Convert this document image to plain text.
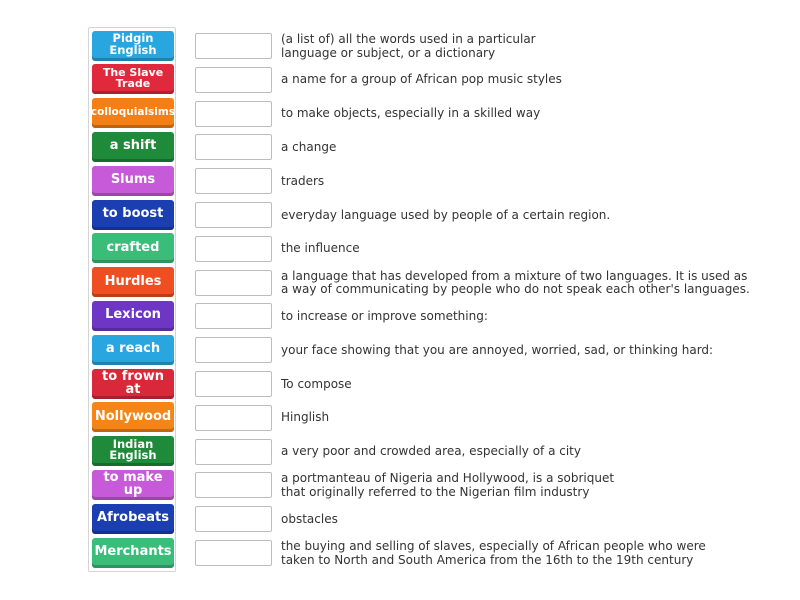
Pidgin English
The Slave Trade
colloquialsims
a shift
Slums
to boost
crafted
Hurdles
Lexicon
a reach
to frown at
Nollywood
Indian English
to make up
Afrobeats
Merchants
(a list of) all the words used in a particular
language or subject, or a dictionary
a name for a group of African pop music styles
to make objects, especially in a skilled way
a change
traders
everyday language used by people of a certain region.
the influence
a language that has developed from a mixture of two languages. It is used as
a way of communicating by people who do not speak each other's languages.
to increase or improve something:
your face showing that you are annoyed, worried, sad, or thinking hard:
To compose
Hinglish
a very poor and crowded area, especially of a city
a portmanteau of Nigeria and Hollywood, is a sobriquet
that originally referred to the Nigerian film industry
obstacles
the buying and selling of slaves, especially of African people who were
taken to North and South America from the 16th to the 19th century
